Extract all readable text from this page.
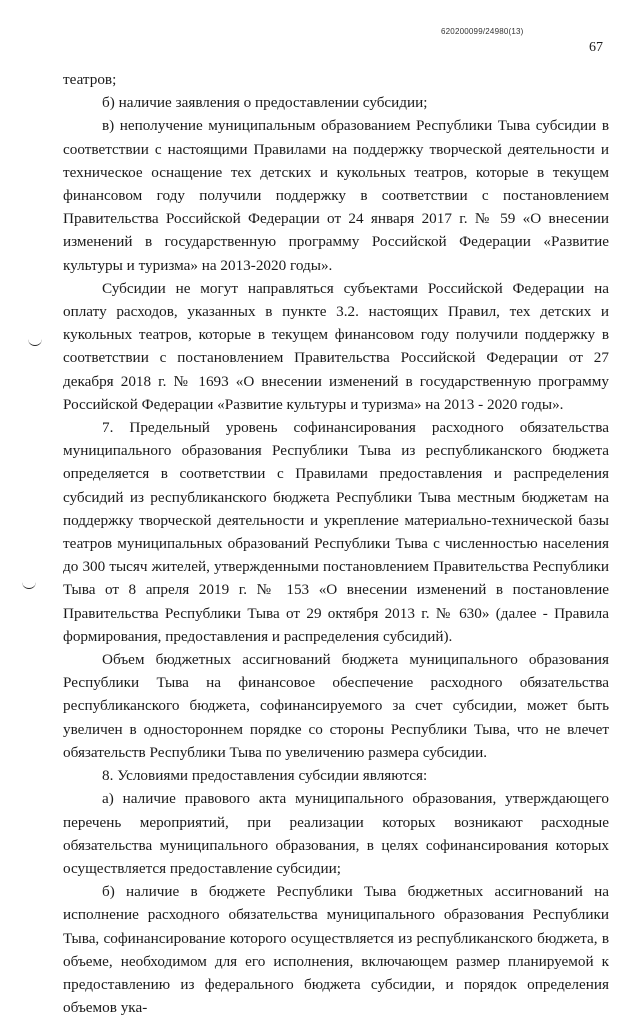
620200099/24980(13)
67

театров;

б) наличие заявления о предоставлении субсидии;

в) неполучение муниципальным образованием Республики Тыва субсидии в соответствии с настоящими Правилами на поддержку творческой деятельности и техническое оснащение тех детских и кукольных театров, которые в текущем финансовом году получили поддержку в соответствии с постановлением Правительства Российской Федерации от 24 января 2017 г. № 59 «О внесении изменений в государственную программу Российской Федерации «Развитие культуры и туризма» на 2013-2020 годы».

Субсидии не могут направляться субъектами Российской Федерации на оплату расходов, указанных в пункте 3.2. настоящих Правил, тех детских и кукольных театров, которые в текущем финансовом году получили поддержку в соответствии с постановлением Правительства Российской Федерации от 27 декабря 2018 г. № 1693 «О внесении изменений в государственную программу Российской Федерации «Развитие культуры и туризма» на 2013 - 2020 годы».

7. Предельный уровень софинансирования расходного обязательства муниципального образования Республики Тыва из республиканского бюджета определяется в соответствии с Правилами предоставления и распределения субсидий из республиканского бюджета Республики Тыва местным бюджетам на поддержку творческой деятельности и укрепление материально-технической базы театров муниципальных образований Республики Тыва с численностью населения до 300 тысяч жителей, утвержденными постановлением Правительства Республики Тыва от 8 апреля 2019 г. № 153 «О внесении изменений в постановление Правительства Республики Тыва от 29 октября 2013 г. № 630» (далее - Правила формирования, предоставления и распределения субсидий).

Объем бюджетных ассигнований бюджета муниципального образования Республики Тыва на финансовое обеспечение расходного обязательства республиканского бюджета, софинансируемого за счет субсидии, может быть увеличен в одностороннем порядке со стороны Республики Тыва, что не влечет обязательств Республики Тыва по увеличению размера субсидии.

8. Условиями предоставления субсидии являются:

а) наличие правового акта муниципального образования, утверждающего перечень мероприятий, при реализации которых возникают расходные обязательства муниципального образования, в целях софинансирования которых осуществляется предоставление субсидии;

б) наличие в бюджете Республики Тыва бюджетных ассигнований на исполнение расходного обязательства муниципального образования Республики Тыва, софинансирование которого осуществляется из республиканского бюджета, в объеме, необходимом для его исполнения, включающем размер планируемой к предоставлению из федерального бюджета субсидии, и порядок определения объемов ука-
